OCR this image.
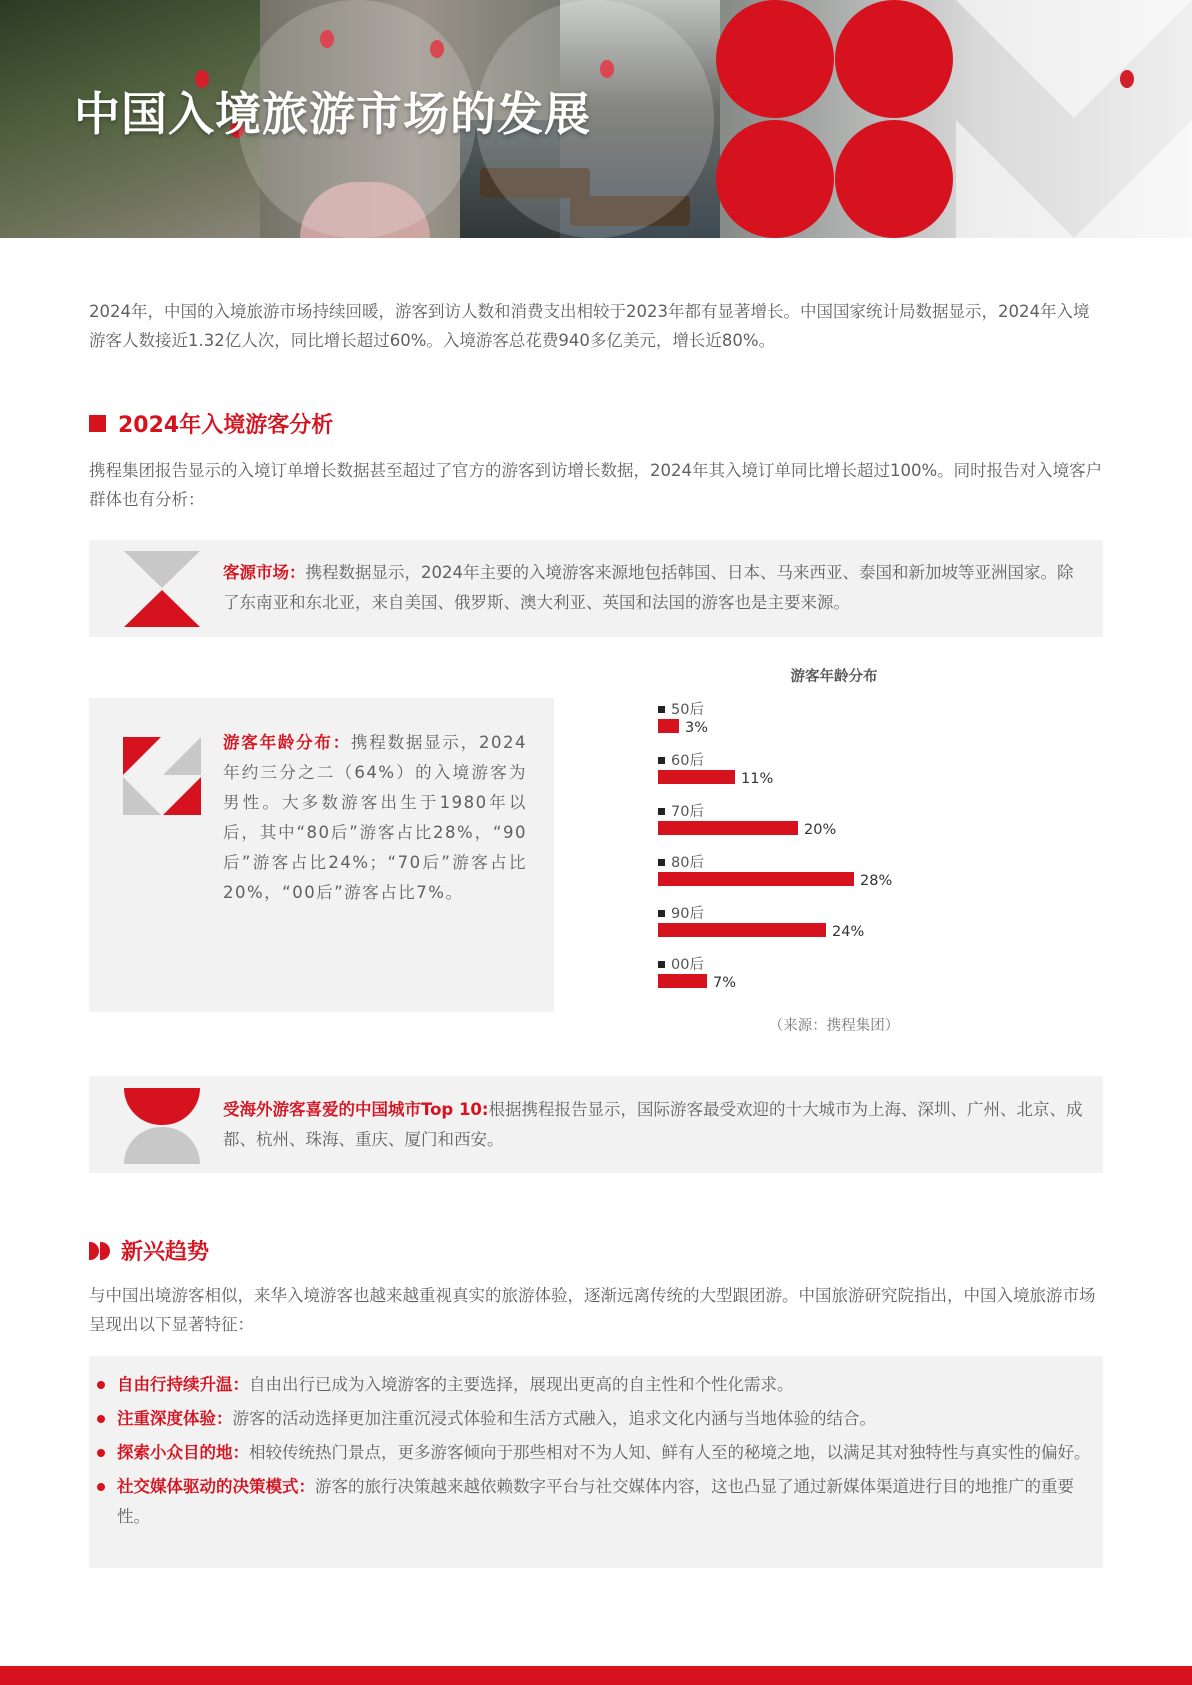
中国入境旅游市场的发展

2024年，中国的入境旅游市场持续回暖，游客到访人数和消费支出相较于2023年都有显著增长。中国国家统计局数据显示，2024年入境游客人数接近1.32亿人次，同比增长超过60%。入境游客总花费940多亿美元，增长近80%。

2024年入境游客分析

携程集团报告显示的入境订单增长数据甚至超过了官方的游客到访增长数据，2024年其入境订单同比增长超过100%。同时报告对入境客户群体也有分析：

客源市场：携程数据显示，2024年主要的入境游客来源地包括韩国、日本、马来西亚、泰国和新加坡等亚洲国家。除了东南亚和东北亚，来自美国、俄罗斯、澳大利亚、英国和法国的游客也是主要来源。

游客年龄分布：携程数据显示，2024年约三分之二（64%）的入境游客为男性。大多数游客出生于1980年以后，其中“80后”游客占比28%，“90后”游客占比24%；“70后”游客占比20%，“00后”游客占比7%。

游客年龄分布
50后
3%
60后
11%
70后
20%
80后
28%
90后
24%
00后
7%
（来源：携程集团）

受海外游客喜爱的中国城市Top 10:根据携程报告显示，国际游客最受欢迎的十大城市为上海、深圳、广州、北京、成都、杭州、珠海、重庆、厦门和西安。

新兴趋势

与中国出境游客相似，来华入境游客也越来越重视真实的旅游体验，逐渐远离传统的大型跟团游。中国旅游研究院指出，中国入境旅游市场呈现出以下显著特征：

自由行持续升温：自由出行已成为入境游客的主要选择，展现出更高的自主性和个性化需求。
注重深度体验：游客的活动选择更加注重沉浸式体验和生活方式融入，追求文化内涵与当地体验的结合。
探索小众目的地：相较传统热门景点，更多游客倾向于那些相对不为人知、鲜有人至的秘境之地，以满足其对独特性与真实性的偏好。
社交媒体驱动的决策模式：游客的旅行决策越来越依赖数字平台与社交媒体内容，这也凸显了通过新媒体渠道进行目的地推广的重要性。
